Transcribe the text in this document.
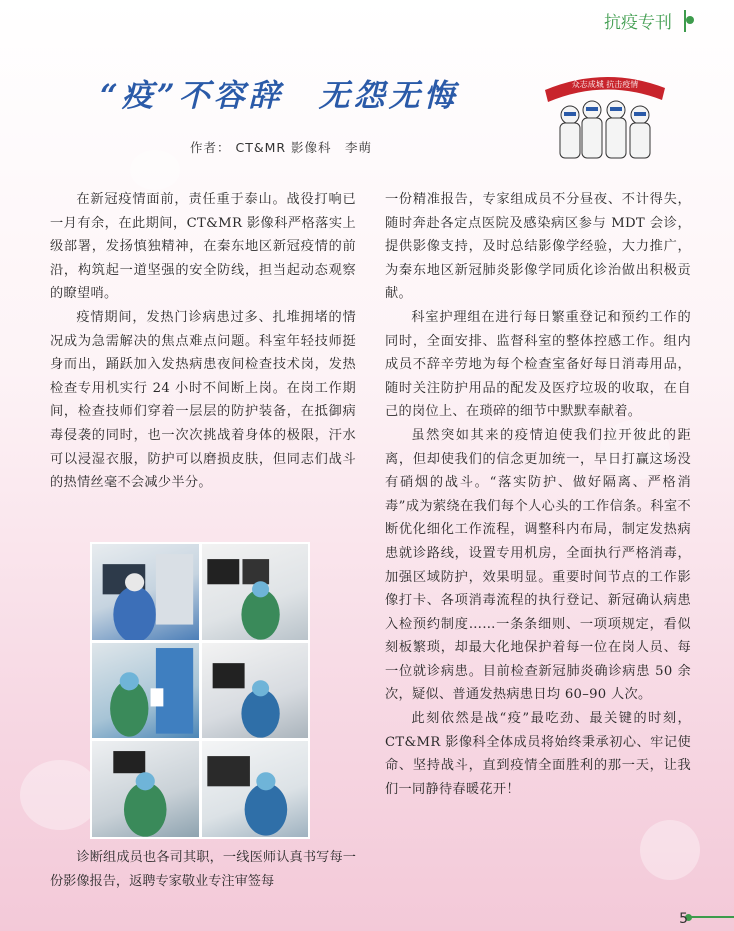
抗疫专刊
“疫”不容辞　无怨无悔
作者： CT&MR 影像科　李萌
众志成城 抗击疫情

在新冠疫情面前，责任重于泰山。战役打响已一月有余，在此期间，CT&MR 影像科严格落实上级部署，发扬慎独精神，在秦东地区新冠疫情的前沿，构筑起一道坚强的安全防线，担当起动态观察的瞭望哨。

疫情期间，发热门诊病患过多、扎堆拥堵的情况成为急需解决的焦点难点问题。科室年轻技师挺身而出，踊跃加入发热病患夜间检查技术岗，发热检查专用机实行 24 小时不间断上岗。在岗工作期间，检查技师们穿着一层层的防护装备，在抵御病毒侵袭的同时，也一次次挑战着身体的极限，汗水可以浸湿衣服，防护可以磨损皮肤，但同志们战斗的热情丝毫不会减少半分。

诊断组成员也各司其职，一线医师认真书写每一份影像报告，返聘专家敬业专注审签每

一份精准报告，专家组成员不分昼夜、不计得失，随时奔赴各定点医院及感染病区参与 MDT 会诊，提供影像支持，及时总结影像学经验，大力推广，为秦东地区新冠肺炎影像学同质化诊治做出积极贡献。

科室护理组在进行每日繁重登记和预约工作的同时，全面安排、监督科室的整体控感工作。组内成员不辞辛劳地为每个检查室备好每日消毒用品，随时关注防护用品的配发及医疗垃圾的收取，在自己的岗位上、在琐碎的细节中默默奉献着。

虽然突如其来的疫情迫使我们拉开彼此的距离，但却使我们的信念更加统一，早日打赢这场没有硝烟的战斗。“落实防护、做好隔离、严格消毒”成为萦绕在我们每个人心头的工作信条。科室不断优化细化工作流程，调整科内布局，制定发热病患就诊路线，设置专用机房，全面执行严格消毒，加强区域防护，效果明显。重要时间节点的工作影像打卡、各项消毒流程的执行登记、新冠确认病患入检预约制度……一条条细则、一项项规定，看似刻板繁琐，却最大化地保护着每一位在岗人员、每一位就诊病患。目前检查新冠肺炎确诊病患 50 余次，疑似、普通发热病患日均 60–90 人次。

此刻依然是战“疫”最吃劲、最关键的时刻，CT&MR 影像科全体成员将始终秉承初心、牢记使命、坚持战斗，直到疫情全面胜利的那一天，让我们一同静待春暖花开！

5
